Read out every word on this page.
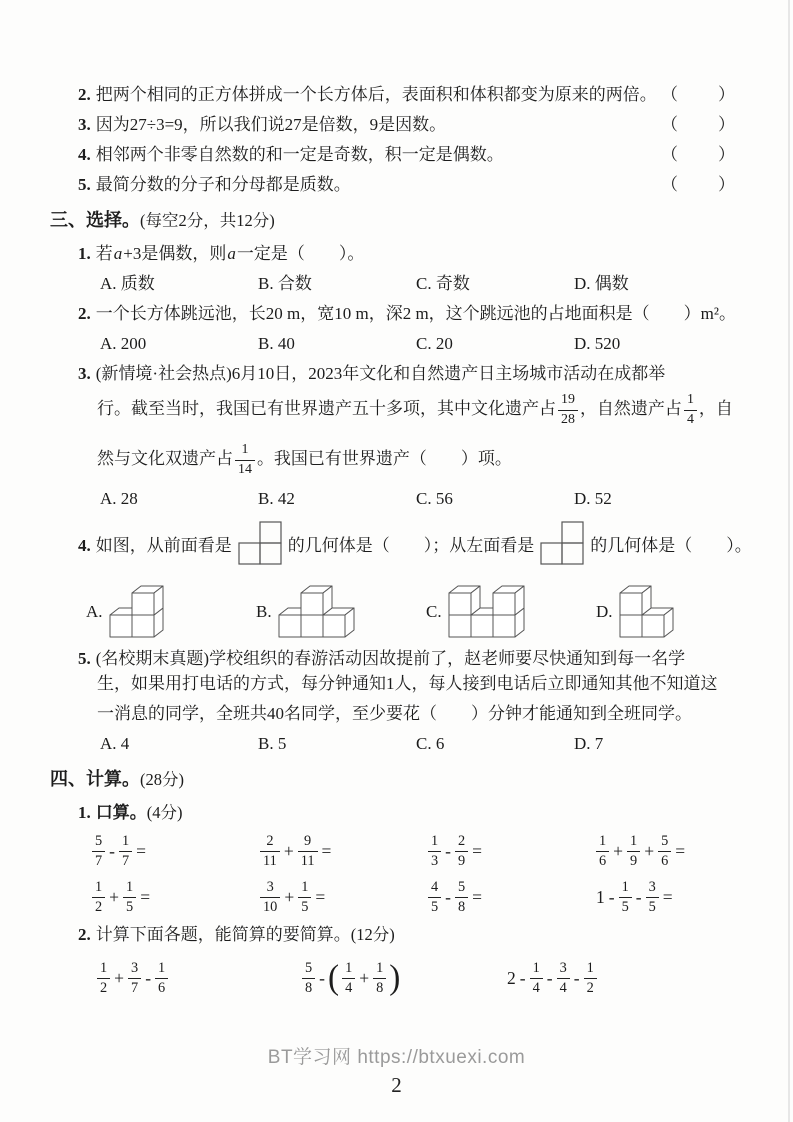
2. 把两个相同的正方体拼成一个长方体后，表面积和体积都变为原来的两倍。 （　　）
3. 因为27÷3=9，所以我们说27是倍数，9是因数。	（　　）
4. 相邻两个非零自然数的和一定是奇数，积一定是偶数。	（　　）
5. 最简分数的分子和分母都是质数。	（　　）
三、选择。(每空2分，共12分)
1. 若a+3是偶数，则a一定是（　　）。
A. 质数	B. 合数	C. 奇数	D. 偶数
2. 一个长方体跳远池，长20 m，宽10 m，深2 m，这个跳远池的占地面积是（　　）m²。
A. 200	B. 40	C. 20	D. 520
3. (新情境·社会热点)6月10日，2023年文化和自然遗产日主场城市活动在成都举
行。截至当时，我国已有世界遗产五十多项，其中文化遗产占 $\frac{19}{28}$ ，自然遗产占 $\frac{1}{4}$ ，自
然与文化双遗产占 $\frac{1}{14}$ 。我国已有世界遗产（　　）项。
A. 28	B. 42	C. 56	D. 52
4. 如图，从前面看是	的几何体是（　　）；从左面看是	的几何体是（　　）。
A.	B.	C.	D.
5. (名校期末真题)学校组织的春游活动因故提前了，赵老师要尽快通知到每一名学
生，如果用打电话的方式，每分钟通知1人，每人接到电话后立即通知其他不知道这
一消息的同学，全班共40名同学，至少要花（　　）分钟才能通知到全班同学。
A. 4	B. 5	C. 6	D. 7
四、计算。(28分)
1. 口算。(4分)
$\frac{5}{7} - \frac{1}{7}$ =	$\frac{2}{11} + \frac{9}{11}$ =	$\frac{1}{3} - \frac{2}{9}$ =	$\frac{1}{6} + \frac{1}{9} + \frac{5}{6}$ =
$\frac{1}{2} + \frac{1}{5}$ =	$\frac{3}{10} + \frac{1}{5}$ =	$\frac{4}{5} - \frac{5}{8}$ =	$1 - \frac{1}{5} - \frac{3}{5}$ =
2. 计算下面各题，能简算的要简算。(12分)
$\frac{1}{2} + \frac{3}{7} - \frac{1}{6}$	$\frac{5}{8}$ - ( $\frac{1}{4} + \frac{1}{8}$ )	$2 - \frac{1}{4} - \frac{3}{4} - \frac{1}{2}$
BT学习网 https://btxuexi.com
2
